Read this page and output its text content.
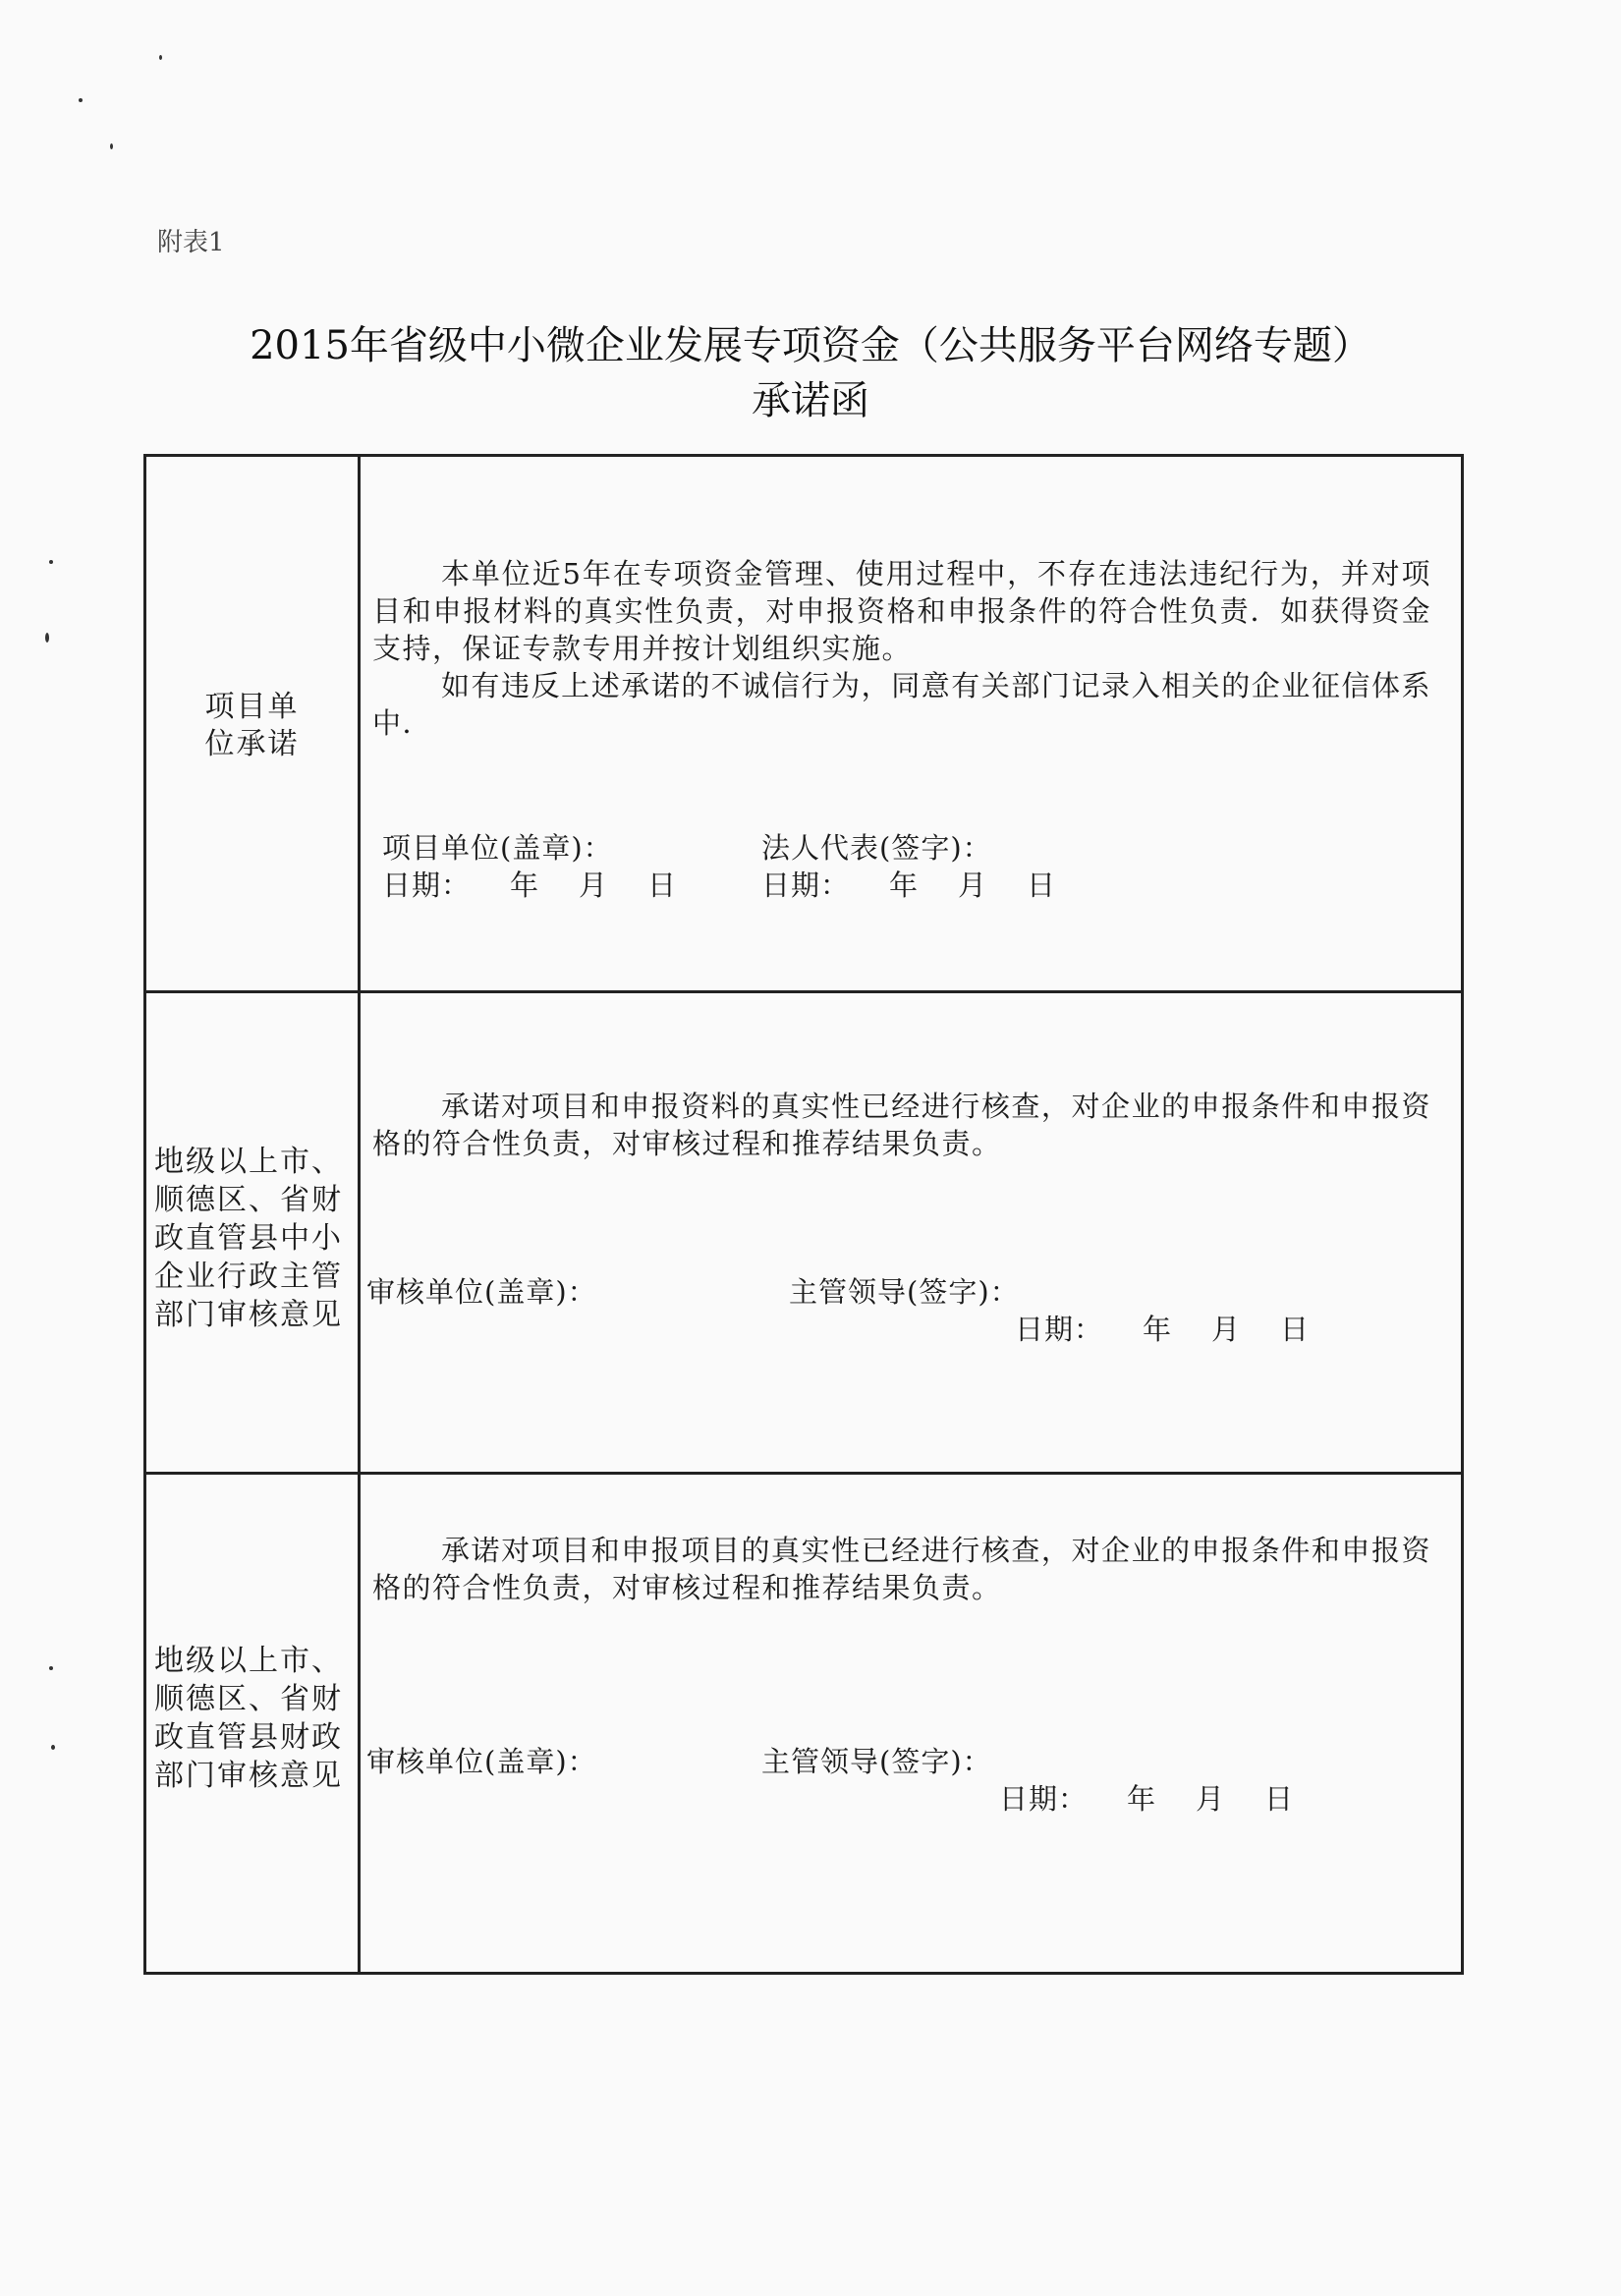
附表1
2015年省级中小微企业发展专项资金（公共服务平台网络专题）
承诺函
项目单位承诺
本单位近5年在专项资金管理、使用过程中，不存在违法违纪行为，并对项目和申报材料的真实性负责，对申报资格和申报条件的符合性负责．如获得资金支持，保证专款专用并按计划组织实施。
如有违反上述承诺的不诚信行为，同意有关部门记录入相关的企业征信体系中．
项目单位(盖章)：	法人代表(签字)：
日期： 年 月 日	日期： 年 月 日
地级以上市、顺德区、省财政直管县中小企业行政主管部门审核意见
承诺对项目和申报资料的真实性已经进行核查，对企业的申报条件和申报资格的符合性负责，对审核过程和推荐结果负责。
审核单位(盖章)：	主管领导(签字)：
日期： 年 月 日
地级以上市、顺德区、省财政直管县财政部门审核意见
承诺对项目和申报项目的真实性已经进行核查，对企业的申报条件和申报资格的符合性负责，对审核过程和推荐结果负责。
审核单位(盖章)：	主管领导(签字)：
日期： 年 月 日
